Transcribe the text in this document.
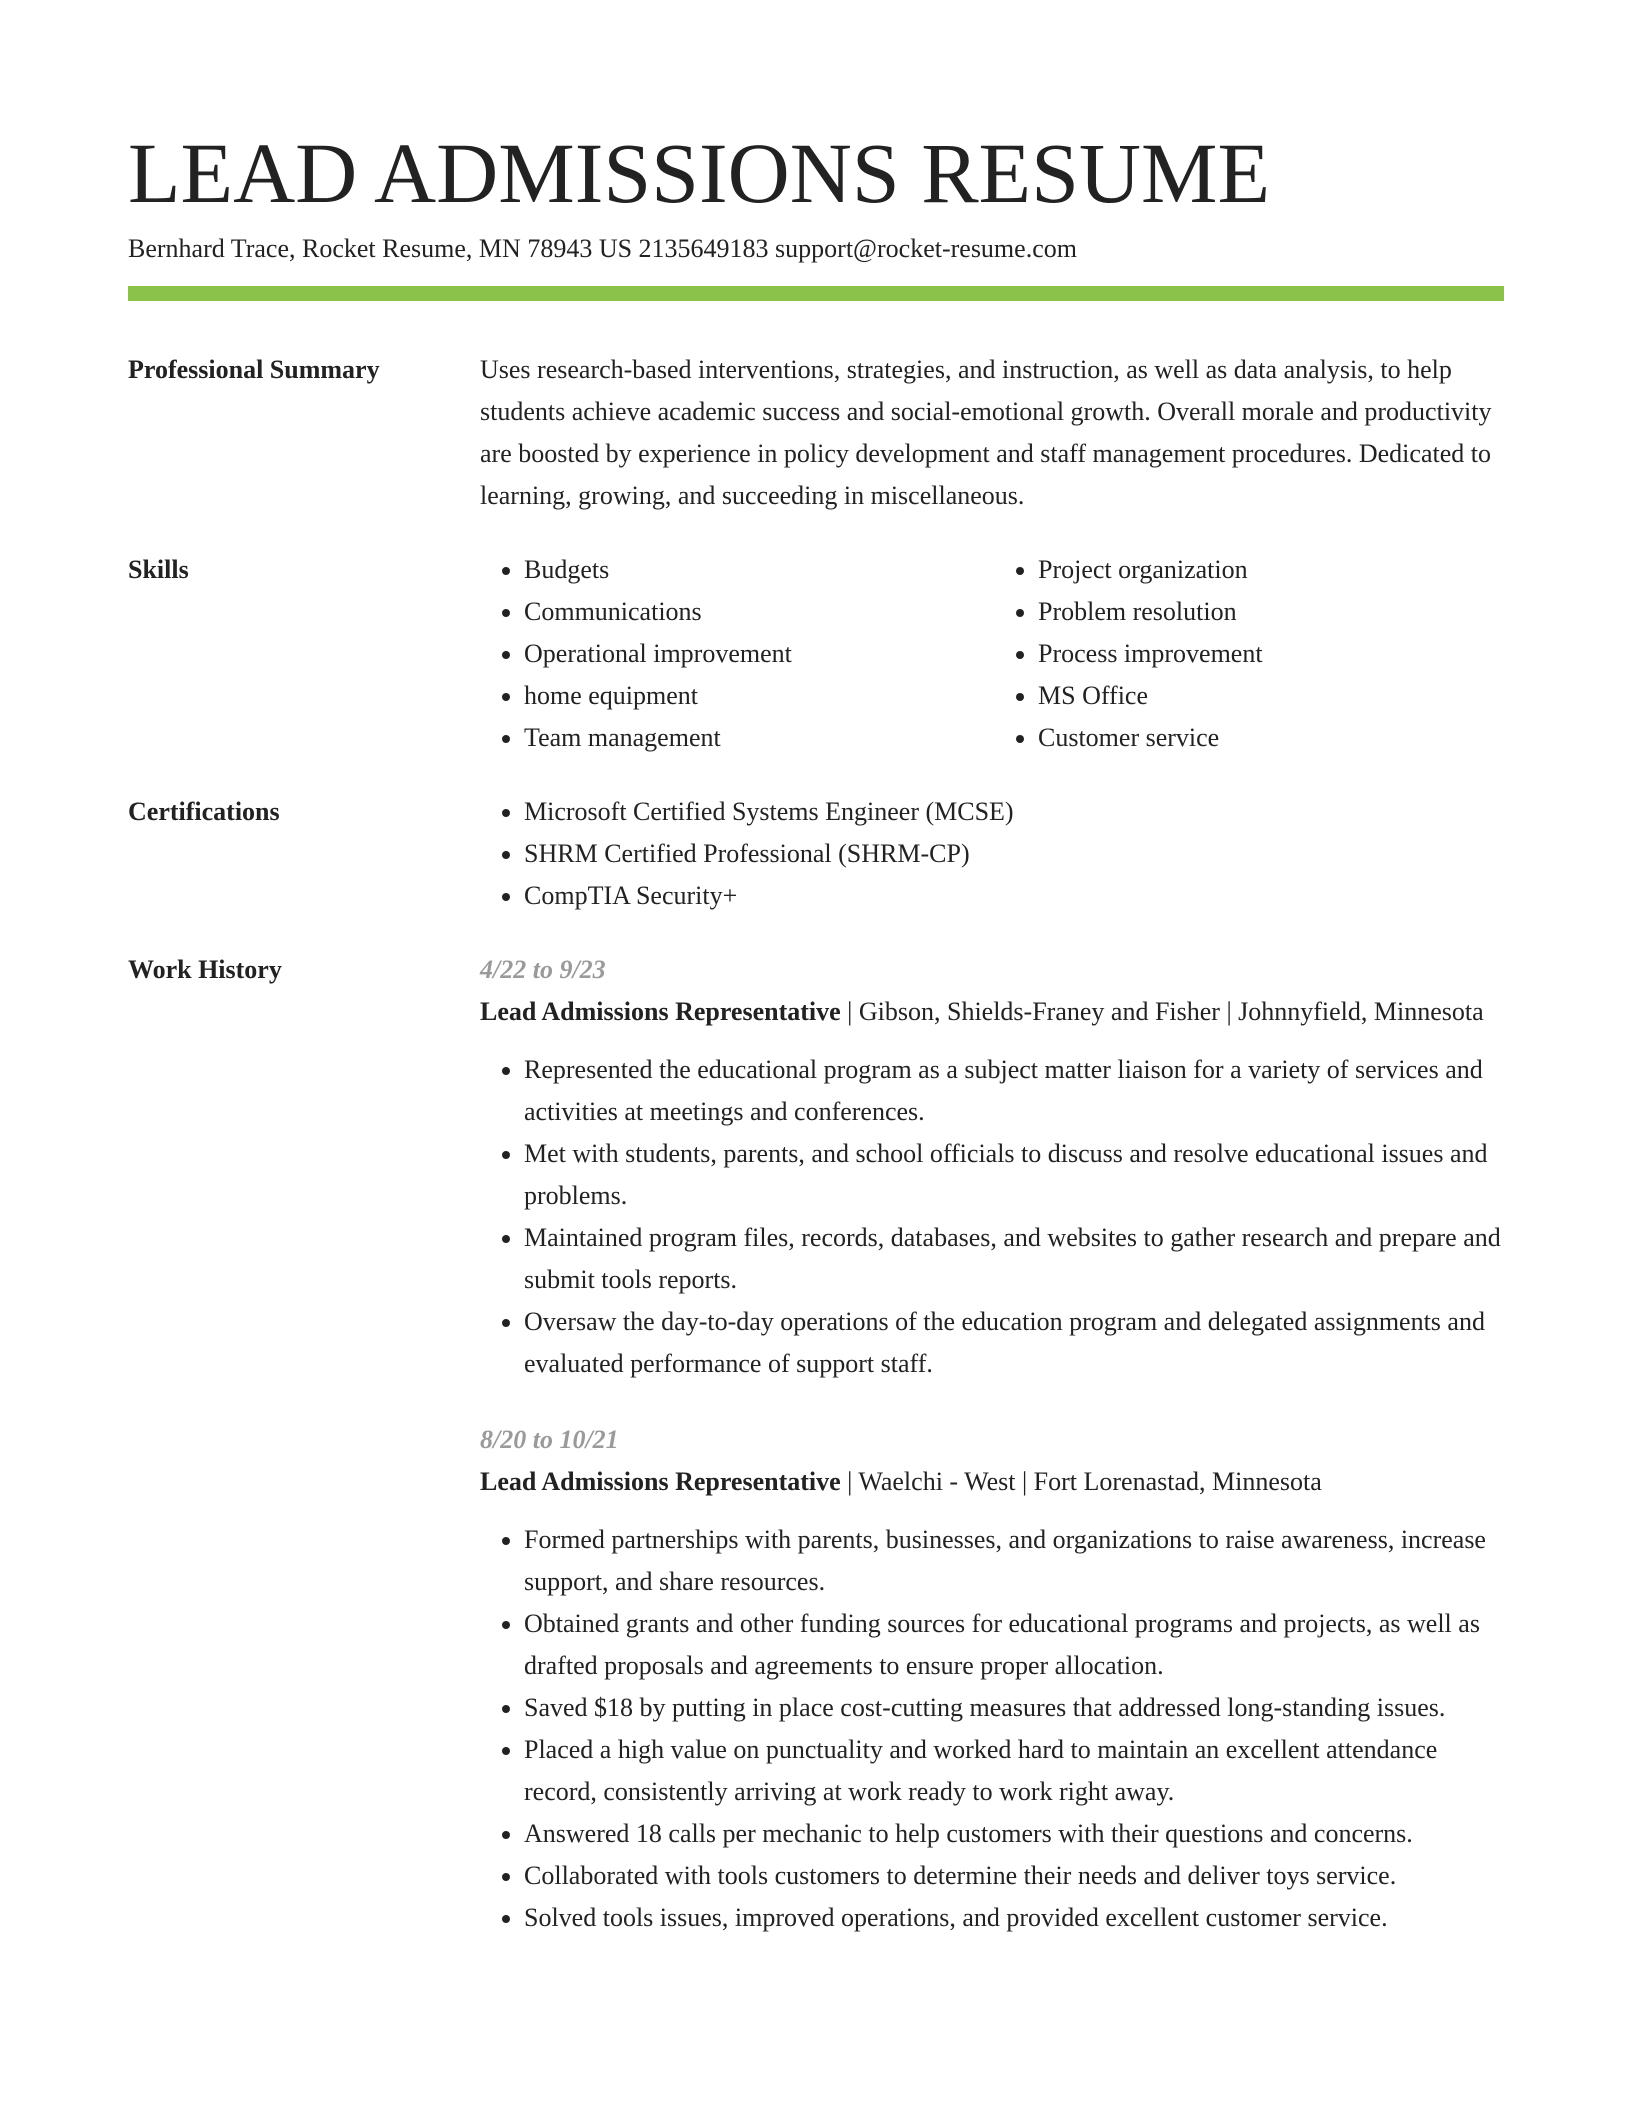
LEAD ADMISSIONS RESUME
Bernhard Trace, Rocket Resume, MN 78943 US 2135649183 support@rocket-resume.com
Professional Summary	Uses research-based interventions, strategies, and instruction, as well as data analysis, to help students achieve academic success and social-emotional growth. Overall morale and productivity are boosted by experience in policy development and staff management procedures. Dedicated to learning, growing, and succeeding in miscellaneous.

Skills	• Budgets
• Communications
• Operational improvement
• home equipment
• Team management
• Project organization
• Problem resolution
• Process improvement
• MS Office
• Customer service
Certifications	• Microsoft Certified Systems Engineer (MCSE)
• SHRM Certified Professional (SHRM-CP)
• CompTIA Security+
Work History	4/22 to 9/23
Lead Admissions Representative | Gibson, Shields-Franey and Fisher | Johnnyfield, Minnesota
• Represented the educational program as a subject matter liaison for a variety of services and activities at meetings and conferences.
• Met with students, parents, and school officials to discuss and resolve educational issues and problems.
• Maintained program files, records, databases, and websites to gather research and prepare and submit tools reports.
• Oversaw the day-to-day operations of the education program and delegated assignments and evaluated performance of support staff.
8/20 to 10/21
Lead Admissions Representative | Waelchi - West | Fort Lorenastad, Minnesota
• Formed partnerships with parents, businesses, and organizations to raise awareness, increase support, and share resources.
• Obtained grants and other funding sources for educational programs and projects, as well as drafted proposals and agreements to ensure proper allocation.
• Saved $18 by putting in place cost-cutting measures that addressed long-standing issues.
• Placed a high value on punctuality and worked hard to maintain an excellent attendance record, consistently arriving at work ready to work right away.
• Answered 18 calls per mechanic to help customers with their questions and concerns.
• Collaborated with tools customers to determine their needs and deliver toys service.
• Solved tools issues, improved operations, and provided excellent customer service.
